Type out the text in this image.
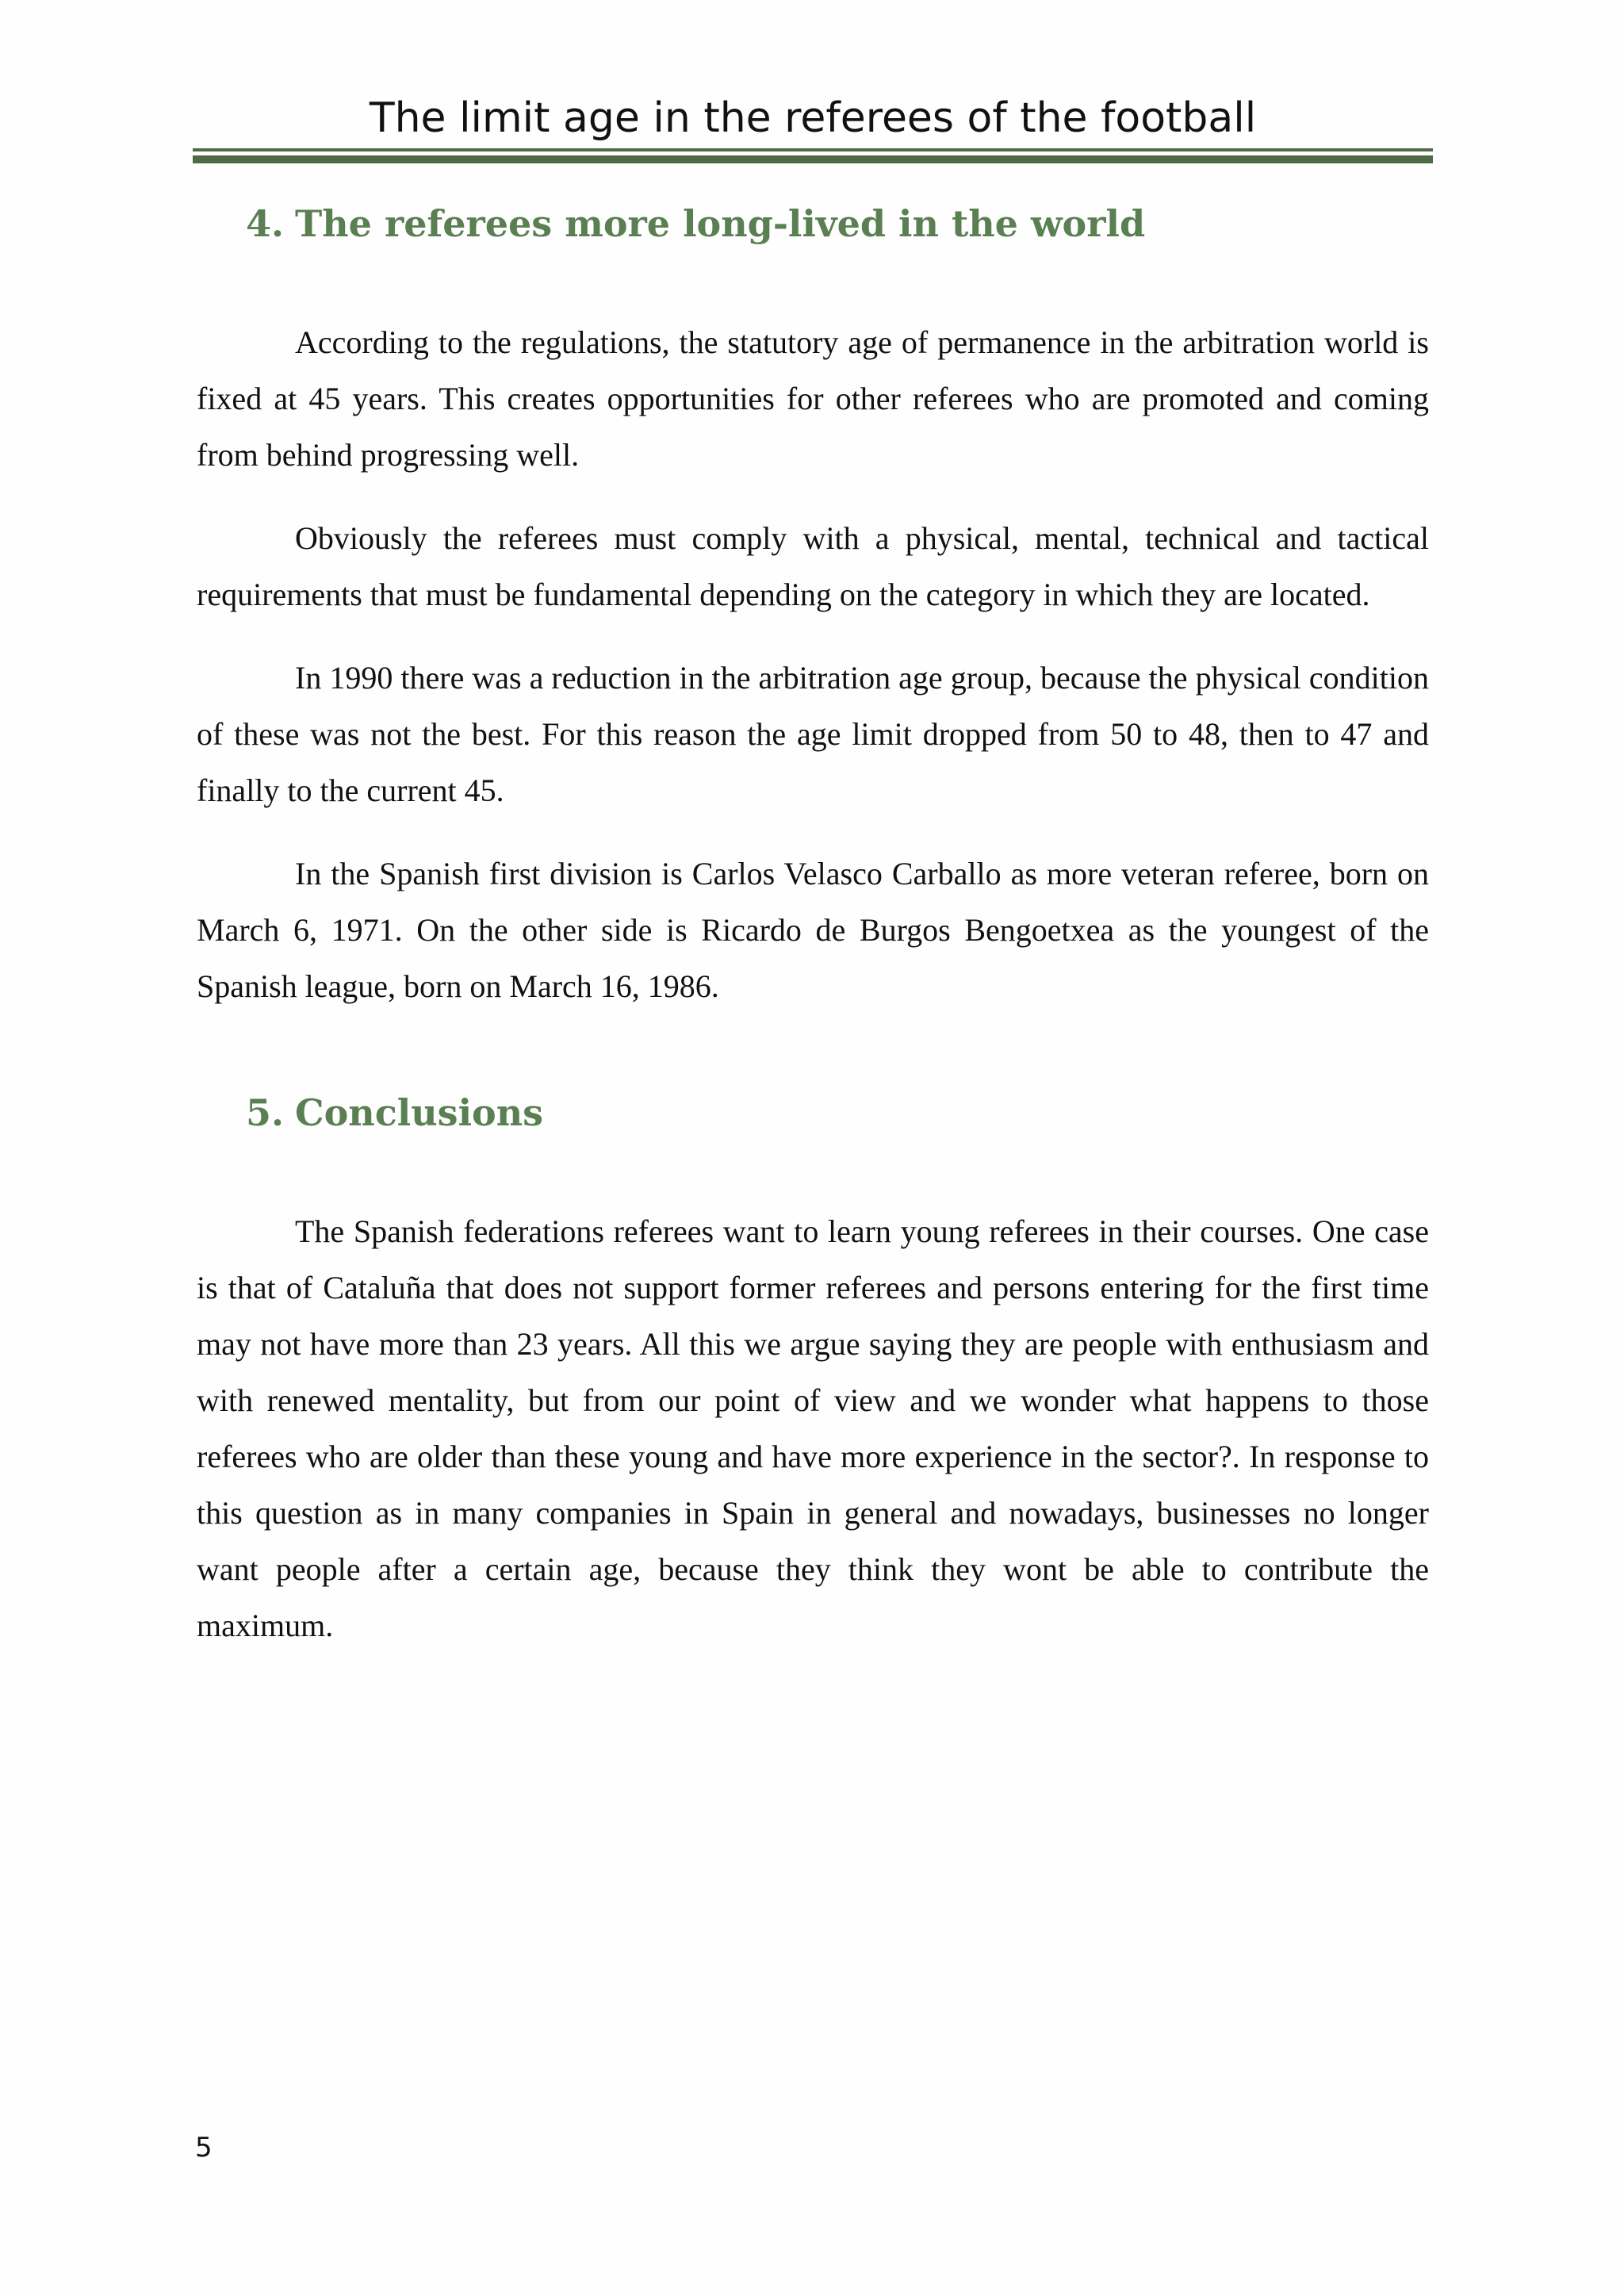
The limit age in the referees of the football
4. The referees more long-lived in the world

According to the regulations, the statutory age of permanence in the arbitration world is fixed at 45 years. This creates opportunities for other referees who are promoted and coming from behind progressing well.

Obviously the referees must comply with a physical, mental, technical and tactical requirements that must be fundamental depending on the category in which they are located.

In 1990 there was a reduction in the arbitration age group, because the physical condition of these was not the best. For this reason the age limit dropped from 50 to 48, then to 47 and finally to the current 45.

In the Spanish first division is Carlos Velasco Carballo as more veteran referee, born on March 6, 1971. On the other side is Ricardo de Burgos Bengoetxea as the youngest of the Spanish league, born on March 16, 1986.

5. Conclusions

The Spanish federations referees want to learn young referees in their courses. One case is that of Cataluña that does not support former referees and persons entering for the first time may not have more than 23 years. All this we argue saying they are people with enthusiasm and with renewed mentality, but from our point of view and we wonder what happens to those referees who are older than these young and have more experience in the sector?. In response to this question as in many companies in Spain in general and nowadays, businesses no longer want people after a certain age, because they think they wont be able to contribute the maximum.

5
